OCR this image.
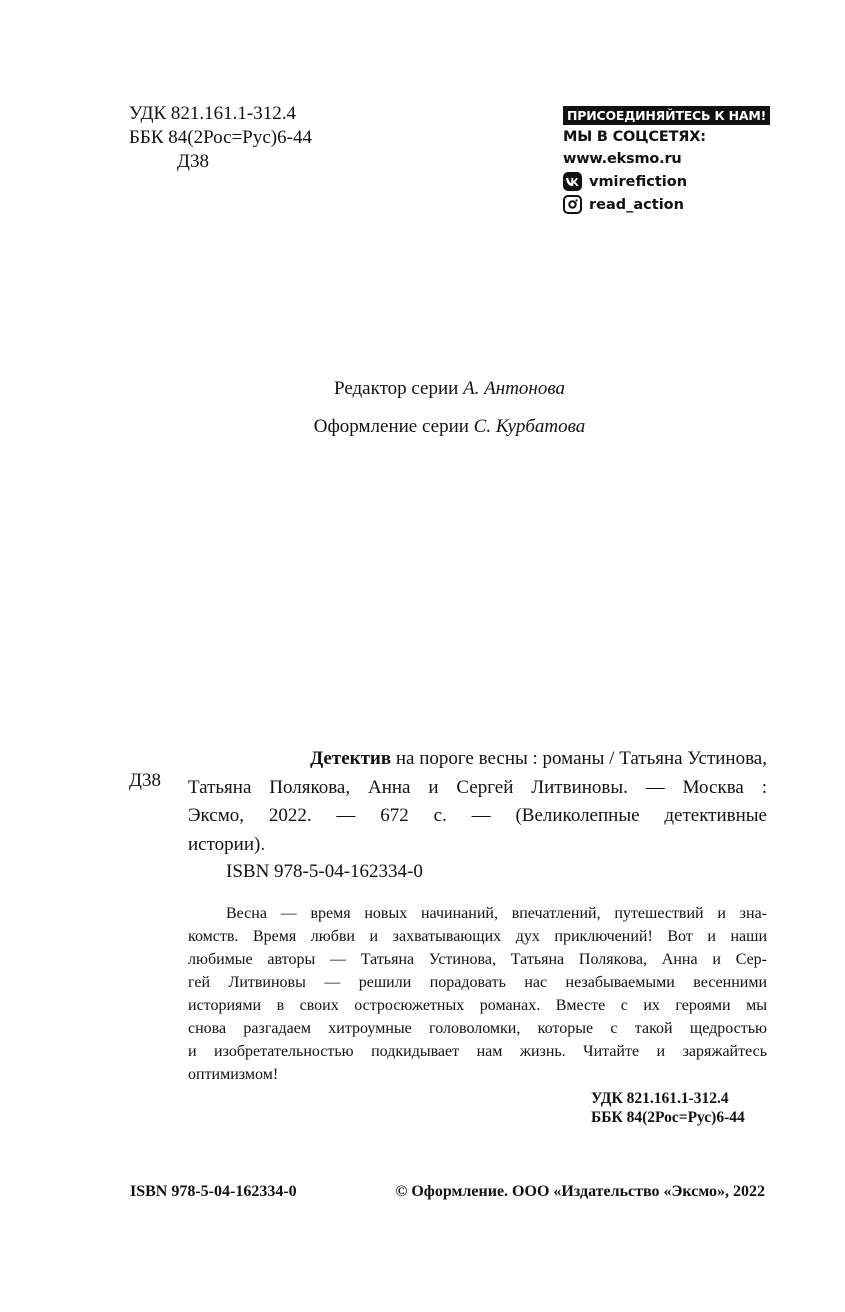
УДК 821.161.1-312.4
ББК 84(2Рос=Рус)6-44
Д38
ПРИСОЕДИНЯЙТЕСЬ К НАМ!
МЫ В СОЦСЕТЯХ:
www.eksmo.ru
vmirefiction
read_action
Редактор серии А. Антонова
Оформление серии С. Курбатова
Д38
Детектив на пороге весны : романы / Татьяна Устинова,
Татьяна Полякова, Анна и Сергей Литвиновы. — Москва :
Эксмо, 2022. — 672 с. — (Великолепные детективные
истории).
ISBN 978-5-04-162334-0
Весна — время новых начинаний, впечатлений, путешествий и зна-
комств. Время любви и захватывающих дух приключений! Вот и наши
любимые авторы — Татьяна Устинова, Татьяна Полякова, Анна и Сер-
гей Литвиновы — решили порадовать нас незабываемыми весенними
историями в своих остросюжетных романах. Вместе с их героями мы
снова разгадаем хитроумные головоломки, которые с такой щедростью
и изобретательностью подкидывает нам жизнь. Читайте и заряжайтесь
оптимизмом!
УДК 821.161.1-312.4
ББК 84(2Рос=Рус)6-44
ISBN 978-5-04-162334-0	© Оформление. ООО «Издательство «Эксмо», 2022
